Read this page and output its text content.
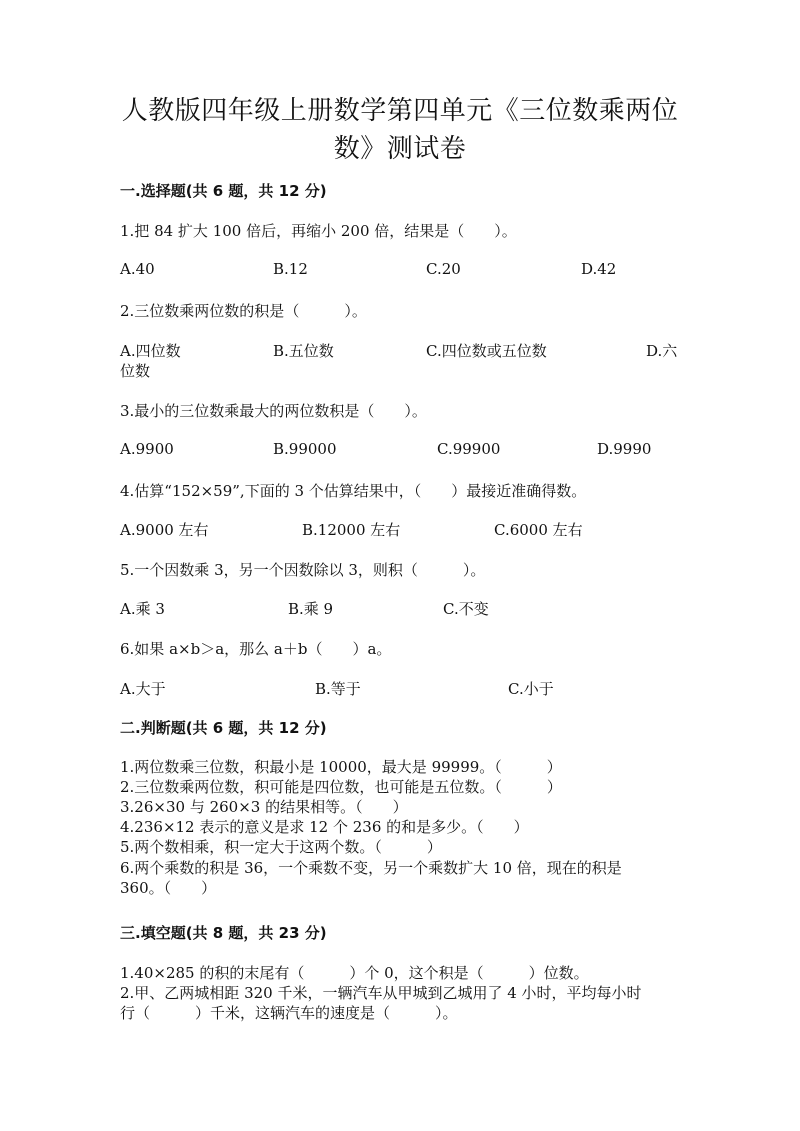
人教版四年级上册数学第四单元《三位数乘两位
数》测试卷
一.选择题(共 6 题，共 12 分)
1.把 84 扩大 100 倍后，再缩小 200 倍，结果是（　　）。
A.40	B.12	C.20	D.42
2.三位数乘两位数的积是（　　　）。
A.四位数	B.五位数	C.四位数或五位数	D.六
位数
3.最小的三位数乘最大的两位数积是（　　）。
A.9900	B.99000	C.99900	D.9990
4.估算“152×59”,下面的 3 个估算结果中，（　　）最接近准确得数。
A.9000 左右	B.12000 左右	C.6000 左右
5.一个因数乘 3，另一个因数除以 3，则积（　　　）。
A.乘 3	B.乘 9	C.不变
6.如果 a×b＞a，那么 a＋b（　　）a。
A.大于	B.等于	C.小于
二.判断题(共 6 题，共 12 分)
1.两位数乘三位数，积最小是 10000，最大是 99999。（　　　）
2.三位数乘两位数，积可能是四位数，也可能是五位数。（　　　）
3.26×30 与 260×3 的结果相等。（　　）
4.236×12 表示的意义是求 12 个 236 的和是多少。（　　）
5.两个数相乘，积一定大于这两个数。（　　　）
6.两个乘数的积是 36，一个乘数不变，另一个乘数扩大 10 倍，现在的积是
360。（　　）
三.填空题(共 8 题，共 23 分)
1.40×285 的积的末尾有（　　　）个 0，这个积是（　　　）位数。
2.甲、乙两城相距 320 千米，一辆汽车从甲城到乙城用了 4 小时，平均每小时
行（　　　）千米，这辆汽车的速度是（　　　）。
